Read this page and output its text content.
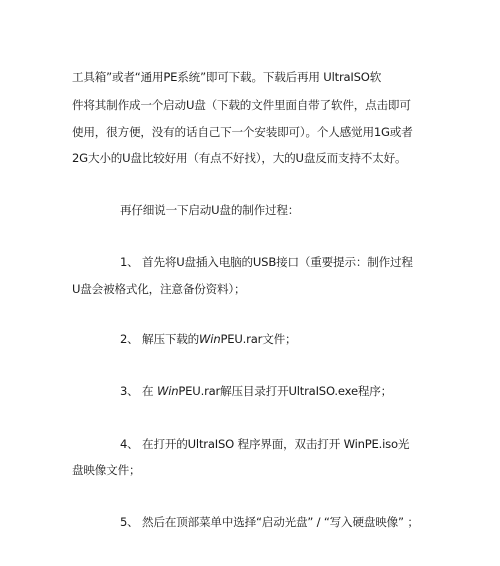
工具箱”或者“通用PE系统”即可下载。下载后再用 UltraISO软
件将其制作成一个启动U盘（下载的文件里面自带了软件，点击即可
使用，很方便，没有的话自己下一个安装即可）。个人感觉用1G或者
2G大小的U盘比较好用（有点不好找），大的U盘反而支持不太好。
再仔细说一下启动U盘的制作过程：
1、 首先将U盘插入电脑的USB接口（重要提示：制作过程
U盘会被格式化，注意备份资料）；
2、 解压下载的WinPEU.rar文件；
3、 在 WinPEU.rar解压目录打开UltraISO.exe程序；
4、 在打开的UltraISO 程序界面，双击打开 WinPE.iso光
盘映像文件；
5、 然后在顶部菜单中选择“启动光盘” / “写入硬盘映像” ；
